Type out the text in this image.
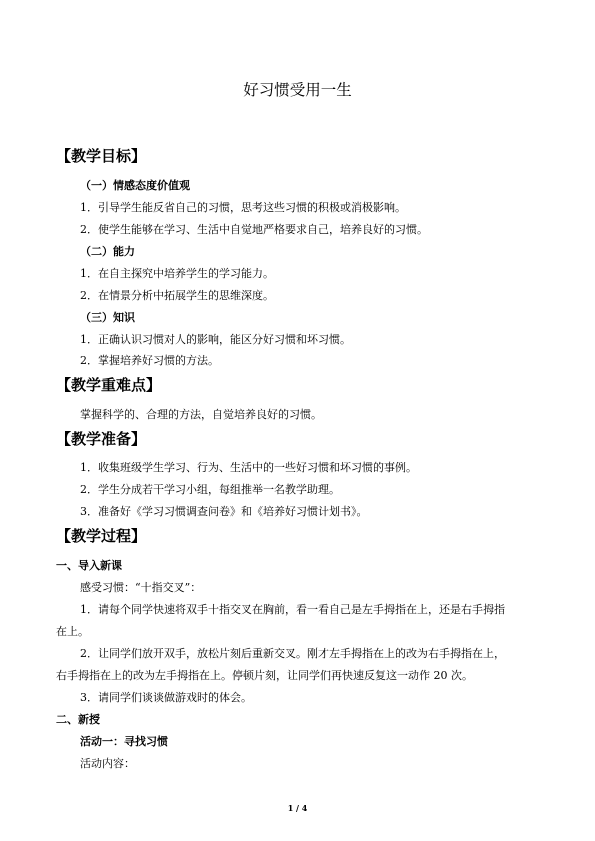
好习惯受用一生
【教学目标】
（一）情感态度价值观
1．引导学生能反省自己的习惯，思考这些习惯的积极或消极影响。
2．使学生能够在学习、生活中自觉地严格要求自己，培养良好的习惯。
（二）能力
1．在自主探究中培养学生的学习能力。
2．在情景分析中拓展学生的思维深度。
（三）知识
1．正确认识习惯对人的影响，能区分好习惯和坏习惯。
2．掌握培养好习惯的方法。
【教学重难点】
掌握科学的、合理的方法，自觉培养良好的习惯。
【教学准备】
1．收集班级学生学习、行为、生活中的一些好习惯和坏习惯的事例。
2．学生分成若干学习小组，每组推举一名教学助理。
3．准备好《学习习惯调查问卷》和《培养好习惯计划书》。
【教学过程】
一、导入新课
感受习惯：“十指交叉”：
1．请每个同学快速将双手十指交叉在胸前，看一看自己是左手拇指在上，还是右手拇指
在上。
2．让同学们放开双手，放松片刻后重新交叉。刚才左手拇指在上的改为右手拇指在上，
右手拇指在上的改为左手拇指在上。停顿片刻，让同学们再快速反复这一动作 20 次。
3．请同学们谈谈做游戏时的体会。
二、新授
活动一：寻找习惯
活动内容：
1 / 4
